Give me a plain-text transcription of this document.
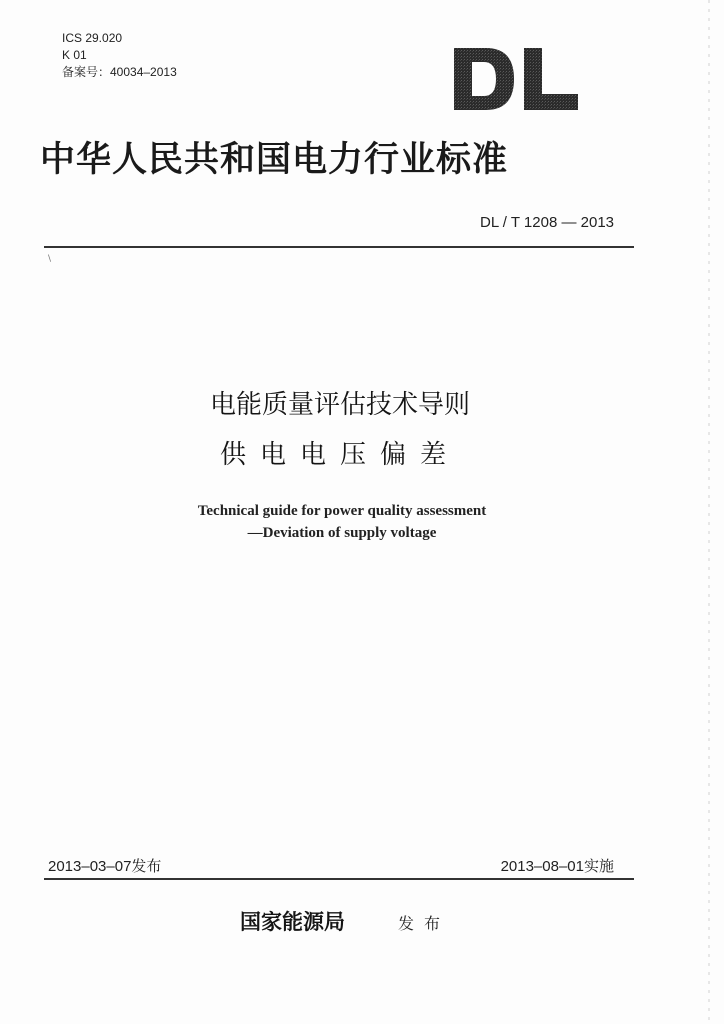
ICS 29.020
K 01
备案号：40034–2013
DL
中华人民共和国电力行业标准
DL / T 1208 — 2013
\
电能质量评估技术导则
供电电压偏差
Technical guide for power quality assessment
—Deviation of supply voltage
2013–03–07发布	2013–08–01实施
国家能源局	发布
